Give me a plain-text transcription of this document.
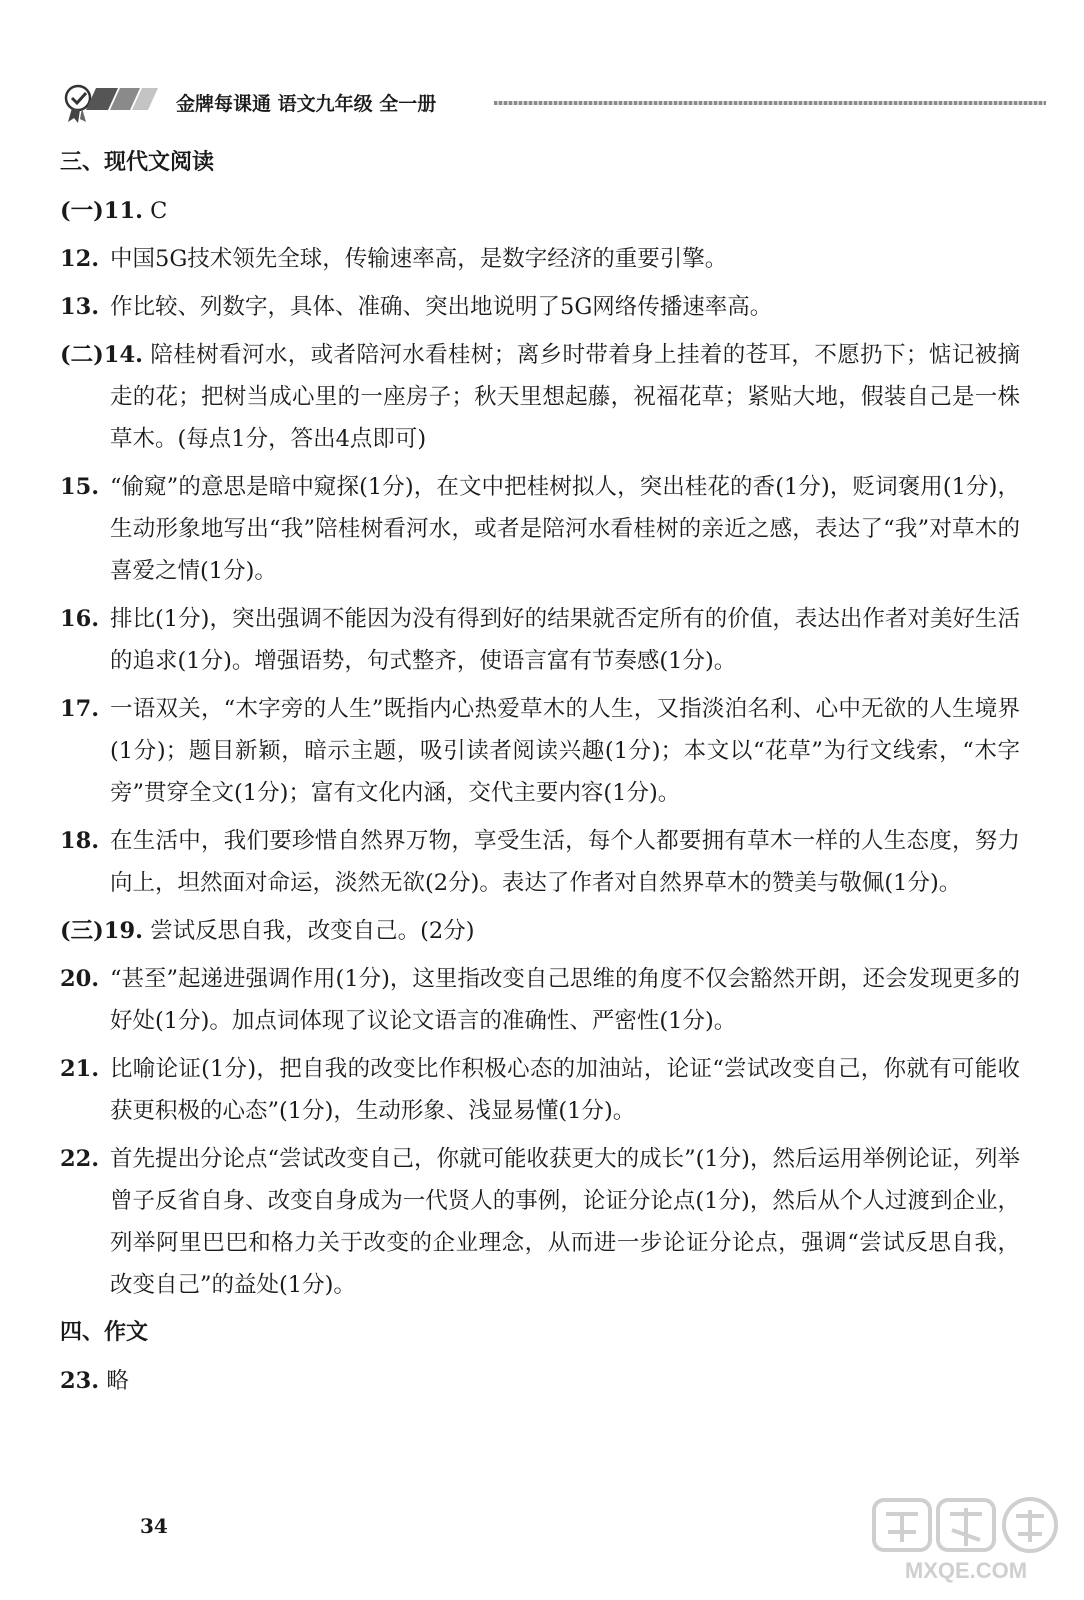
金牌每课通 语文九年级 全一册
三、现代文阅读
(一)11. C
12. 中国5G技术领先全球，传输速率高，是数字经济的重要引擎。
13. 作比较、列数字，具体、准确、突出地说明了5G网络传播速率高。
(二)14. 陪桂树看河水，或者陪河水看桂树；离乡时带着身上挂着的苍耳，不愿扔下；惦记被摘走的花；把树当成心里的一座房子；秋天里想起藤，祝福花草；紧贴大地，假装自己是一株草木。(每点1分，答出4点即可)
15. “偷窥”的意思是暗中窥探(1分)，在文中把桂树拟人，突出桂花的香(1分)，贬词褒用(1分)，生动形象地写出“我”陪桂树看河水，或者是陪河水看桂树的亲近之感，表达了“我”对草木的喜爱之情(1分)。
16. 排比(1分)，突出强调不能因为没有得到好的结果就否定所有的价值，表达出作者对美好生活的追求(1分)。增强语势，句式整齐，使语言富有节奏感(1分)。
17. 一语双关，“木字旁的人生”既指内心热爱草木的人生，又指淡泊名利、心中无欲的人生境界(1分)；题目新颖，暗示主题，吸引读者阅读兴趣(1分)；本文以“花草”为行文线索，“木字旁”贯穿全文(1分)；富有文化内涵，交代主要内容(1分)。
18. 在生活中，我们要珍惜自然界万物，享受生活，每个人都要拥有草木一样的人生态度，努力向上，坦然面对命运，淡然无欲(2分)。表达了作者对自然界草木的赞美与敬佩(1分)。
(三)19. 尝试反思自我，改变自己。(2分)
20. “甚至”起递进强调作用(1分)，这里指改变自己思维的角度不仅会豁然开朗，还会发现更多的好处(1分)。加点词体现了议论文语言的准确性、严密性(1分)。
21. 比喻论证(1分)，把自我的改变比作积极心态的加油站，论证“尝试改变自己，你就有可能收获更积极的心态”(1分)，生动形象、浅显易懂(1分)。
22. 首先提出分论点“尝试改变自己，你就可能收获更大的成长”(1分)，然后运用举例论证，列举曾子反省自身、改变自身成为一代贤人的事例，论证分论点(1分)，然后从个人过渡到企业，列举阿里巴巴和格力关于改变的企业理念，从而进一步论证分论点，强调“尝试反思自我，改变自己”的益处(1分)。
四、作文
23. 略
34
MXQE.COM
